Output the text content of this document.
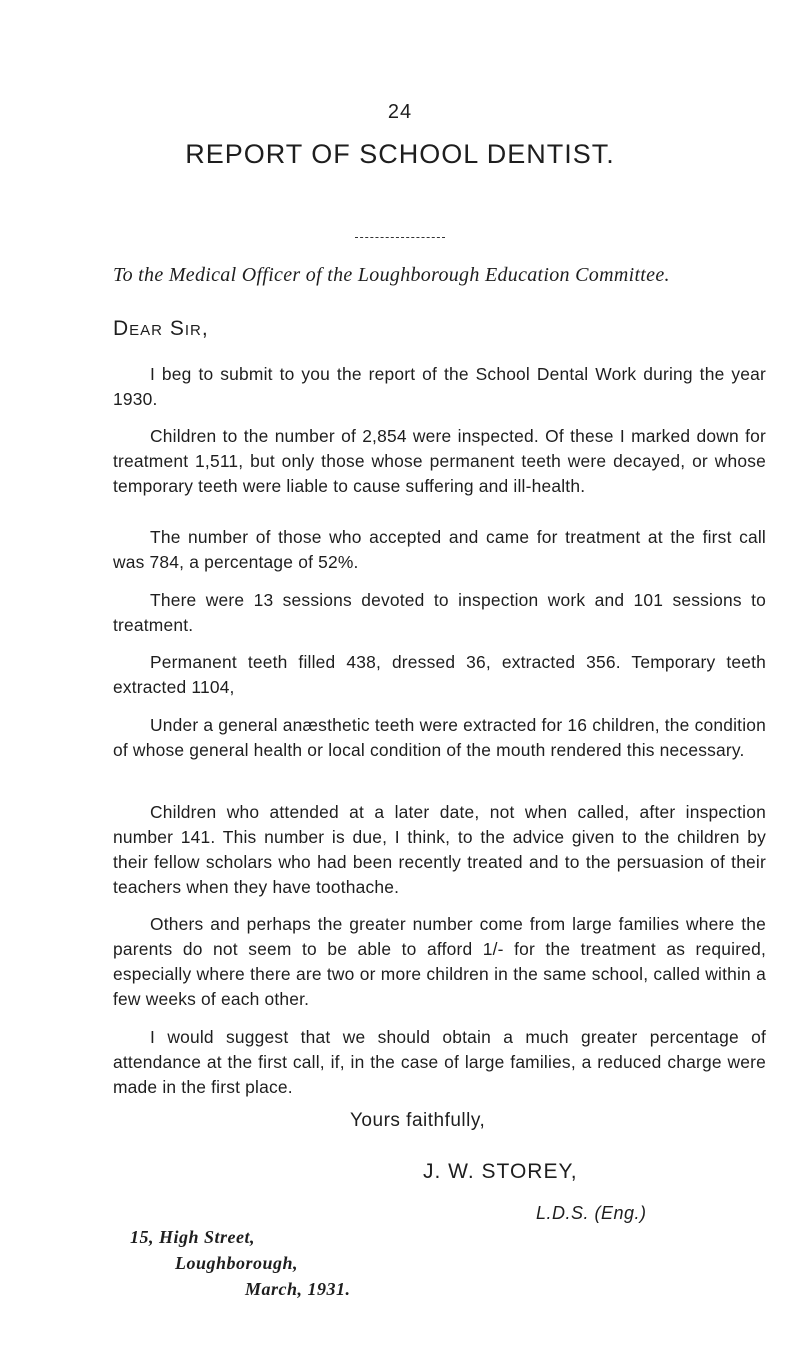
24
REPORT OF SCHOOL DENTIST.
To the Medical Officer of the Loughborough Education Committee.
Dear Sir,

I beg to submit to you the report of the School Dental Work during the year 1930.

Children to the number of 2,854 were inspected. Of these I marked down for treatment 1,511, but only those whose permanent teeth were decayed, or whose temporary teeth were liable to cause suffering and ill-health.

The number of those who accepted and came for treatment at the first call was 784, a percentage of 52%.

There were 13 sessions devoted to inspection work and 101 sessions to treatment.

Permanent teeth filled 438, dressed 36, extracted 356. Temporary teeth extracted 1104,

Under a general anæsthetic teeth were extracted for 16 children, the condition of whose general health or local condition of the mouth rendered this necessary.

Children who attended at a later date, not when called, after inspection number 141. This number is due, I think, to the advice given to the children by their fellow scholars who had been recently treated and to the persuasion of their teachers when they have toothache.

Others and perhaps the greater number come from large families where the parents do not seem to be able to afford 1/- for the treatment as required, especially where there are two or more children in the same school, called within a few weeks of each other.

I would suggest that we should obtain a much greater percentage of attendance at the first call, if, in the case of large families, a reduced charge were made in the first place.

Yours faithfully,
J. W. STOREY,
L.D.S. (Eng.)
15, High Street,
Loughborough,
March, 1931.
